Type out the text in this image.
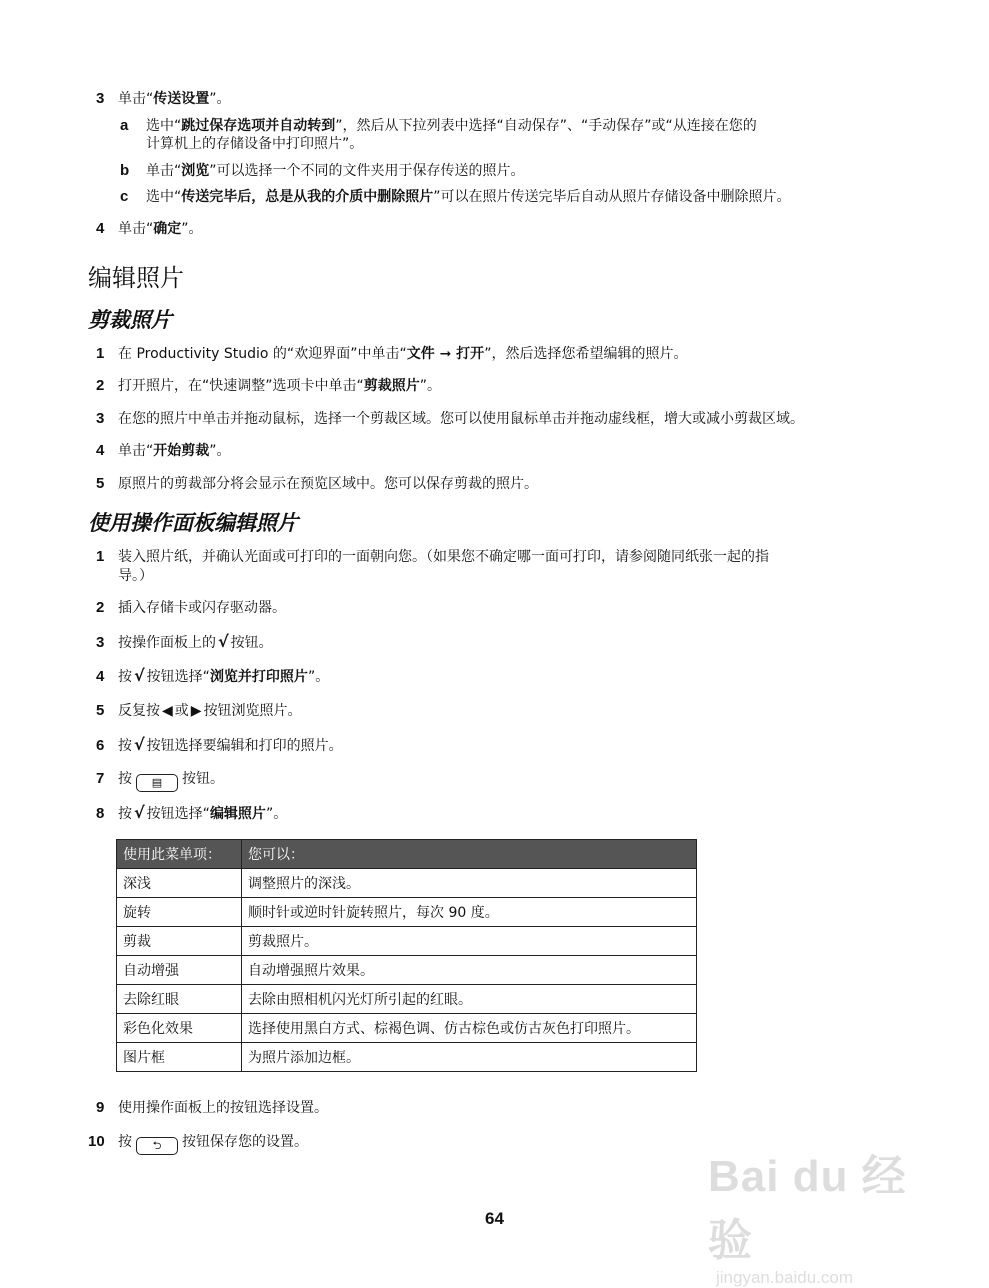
3 单击“传送设置”。
a 选中“跳过保存选项并自动转到”，然后从下拉列表中选择“自动保存”、“手动保存”或“从连接在您的
计算机上的存储设备中打印照片”。
b 单击“浏览”可以选择一个不同的文件夹用于保存传送的照片。
c 选中“传送完毕后，总是从我的介质中删除照片”可以在照片传送完毕后自动从照片存储设备中删除照片。
4 单击“确定”。
编辑照片
剪裁照片
1 在 Productivity Studio 的“欢迎界面”中单击“文件 ➞ 打开”，然后选择您希望编辑的照片。
2 打开照片，在“快速调整”选项卡中单击“剪裁照片”。
3 在您的照片中单击并拖动鼠标，选择一个剪裁区域。您可以使用鼠标单击并拖动虚线框，增大或减小剪裁区域。
4 单击“开始剪裁”。
5 原照片的剪裁部分将会显示在预览区域中。您可以保存剪裁的照片。
使用操作面板编辑照片
1 装入照片纸，并确认光面或可打印的一面朝向您。（如果您不确定哪一面可打印，请参阅随同纸张一起的指
导。）
2 插入存储卡或闪存驱动器。
3 按操作面板上的 √ 按钮。
4 按 √ 按钮选择“浏览并打印照片”。
5 反复按 ◀ 或 ▶ 按钮浏览照片。
6 按 √ 按钮选择要编辑和打印的照片。
7 按 ▤ 按钮。
8 按 √ 按钮选择“编辑照片”。
使用此菜单项：	您可以：
深浅	调整照片的深浅。
旋转	顺时针或逆时针旋转照片，每次 90 度。
剪裁	剪裁照片。
自动增强	自动增强照片效果。
去除红眼	去除由照相机闪光灯所引起的红眼。
彩色化效果	选择使用黑白方式、棕褐色调、仿古棕色或仿古灰色打印照片。
图片框	为照片添加边框。
9 使用操作面板上的按钮选择设置。
10 按 ⮌ 按钮保存您的设置。
64
Bai du 经验
jingyan.baidu.com
